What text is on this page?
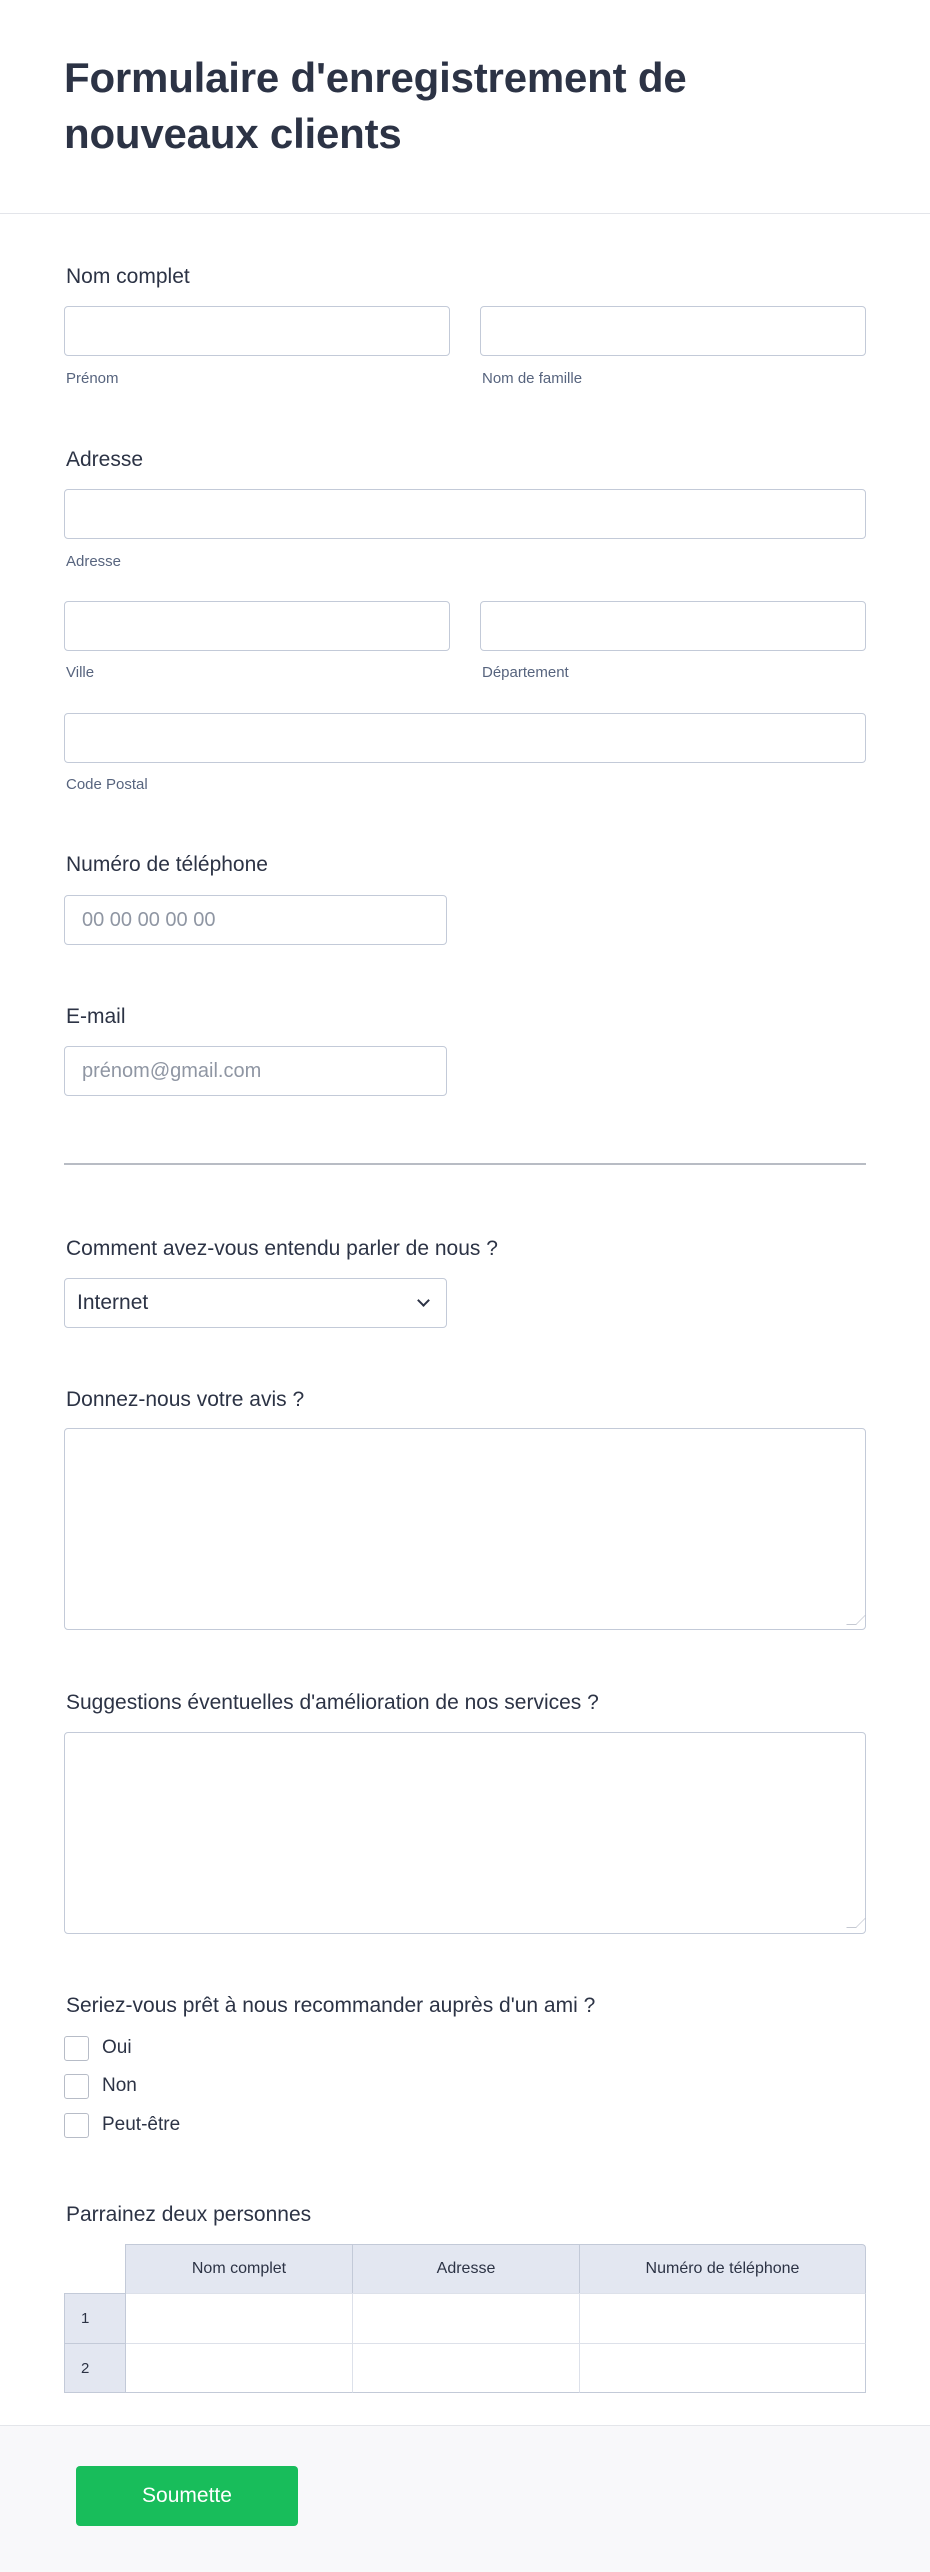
Formulaire d'enregistrement de nouveaux clients
Nom complet
Prénom	Nom de famille
Adresse
Adresse
Ville	Département
Code Postal
Numéro de téléphone
00 00 00 00 00
E-mail
prénom@gmail.com
Comment avez-vous entendu parler de nous ?
Internet
Donnez-nous votre avis ?
Suggestions éventuelles d'amélioration de nos services ?
Seriez-vous prêt à nous recommander auprès d'un ami ?
Oui
Non
Peut-être
Parrainez deux personnes
	Nom complet	Adresse	Numéro de téléphone
1			
2			
Soumette
